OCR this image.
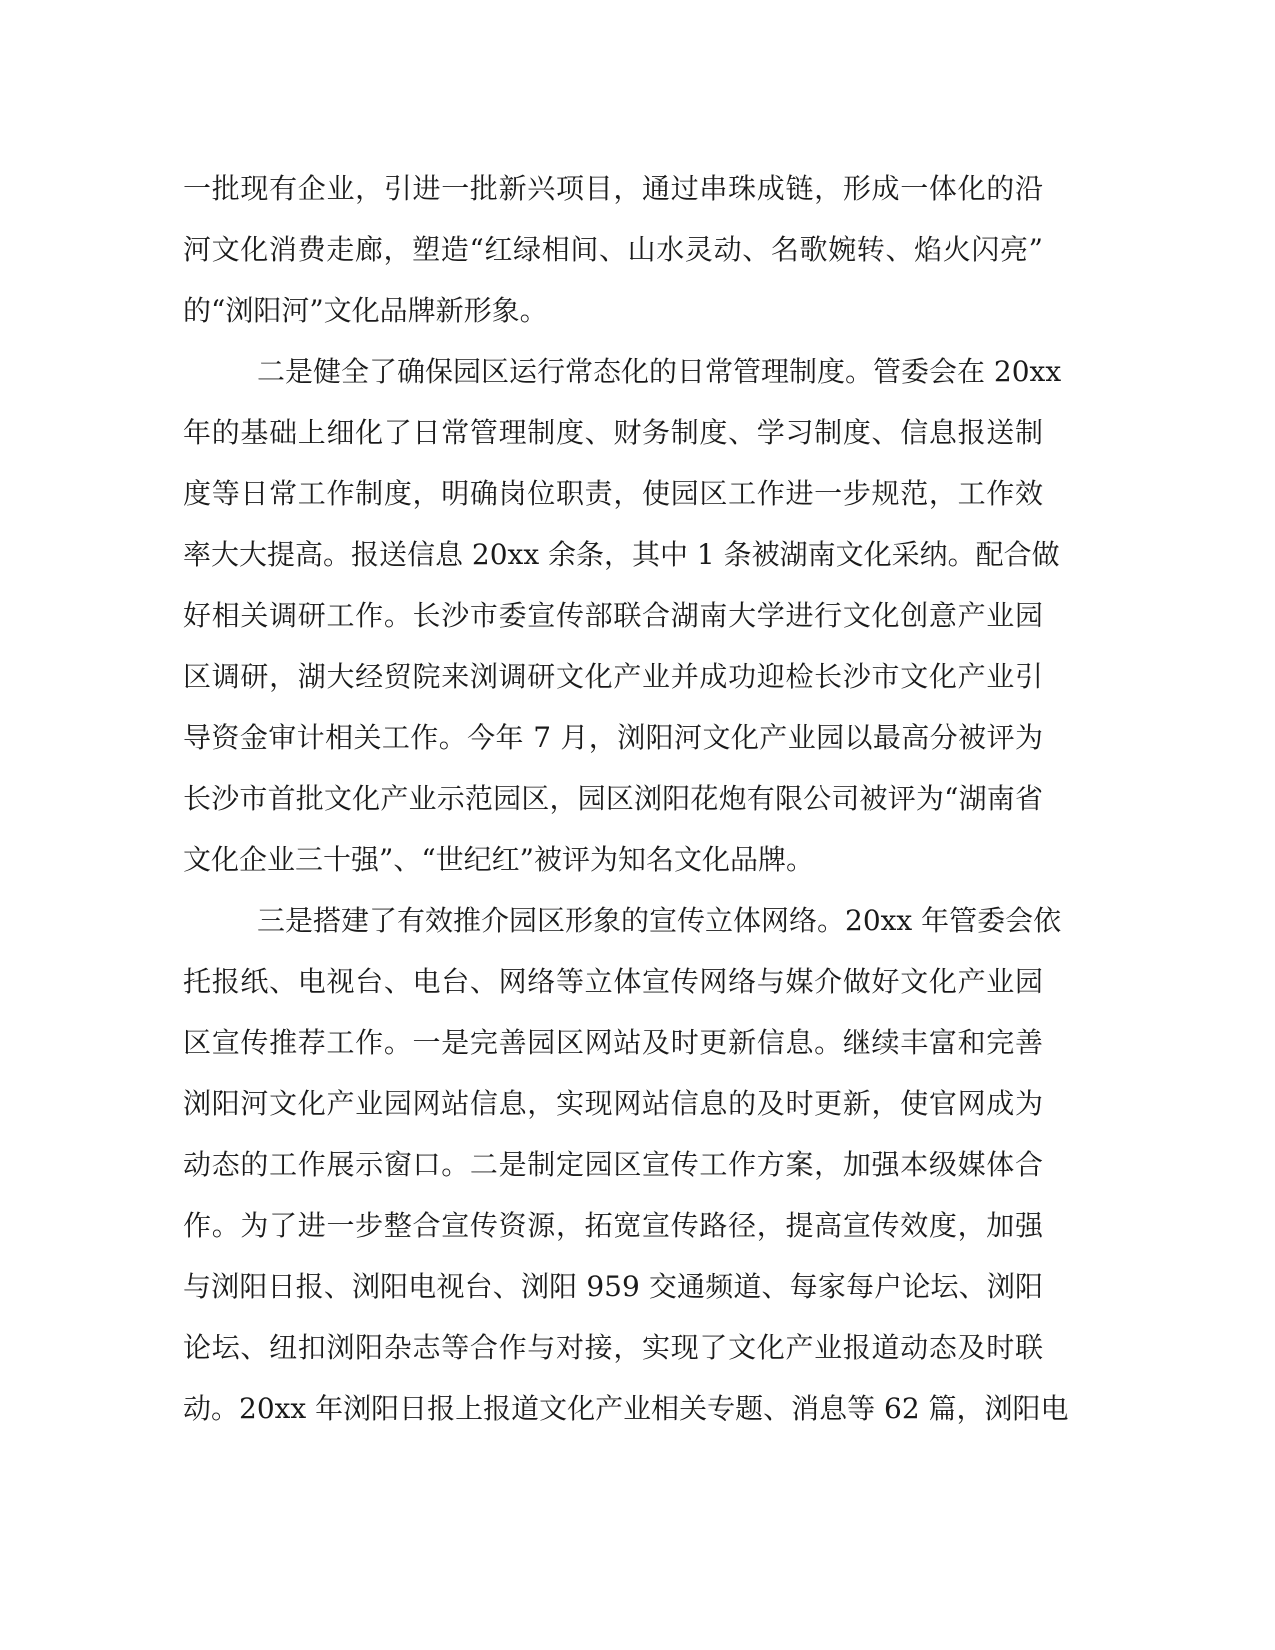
一批现有企业，引进一批新兴项目，通过串珠成链，形成一体化的沿
河文化消费走廊，塑造“红绿相间、山水灵动、名歌婉转、焰火闪亮”
的“浏阳河”文化品牌新形象。
二是健全了确保园区运行常态化的日常管理制度。管委会在 20xx
年的基础上细化了日常管理制度、财务制度、学习制度、信息报送制
度等日常工作制度，明确岗位职责，使园区工作进一步规范，工作效
率大大提高。报送信息 20xx 余条，其中 1 条被湖南文化采纳。配合做
好相关调研工作。长沙市委宣传部联合湖南大学进行文化创意产业园
区调研，湖大经贸院来浏调研文化产业并成功迎检长沙市文化产业引
导资金审计相关工作。今年 7 月，浏阳河文化产业园以最高分被评为
长沙市首批文化产业示范园区，园区浏阳花炮有限公司被评为“湖南省
文化企业三十强”、“世纪红”被评为知名文化品牌。
三是搭建了有效推介园区形象的宣传立体网络。20xx 年管委会依
托报纸、电视台、电台、网络等立体宣传网络与媒介做好文化产业园
区宣传推荐工作。一是完善园区网站及时更新信息。继续丰富和完善
浏阳河文化产业园网站信息，实现网站信息的及时更新，使官网成为
动态的工作展示窗口。二是制定园区宣传工作方案，加强本级媒体合
作。为了进一步整合宣传资源，拓宽宣传路径，提高宣传效度，加强
与浏阳日报、浏阳电视台、浏阳 959 交通频道、每家每户论坛、浏阳
论坛、纽扣浏阳杂志等合作与对接，实现了文化产业报道动态及时联
动。20xx 年浏阳日报上报道文化产业相关专题、消息等 62 篇，浏阳电
